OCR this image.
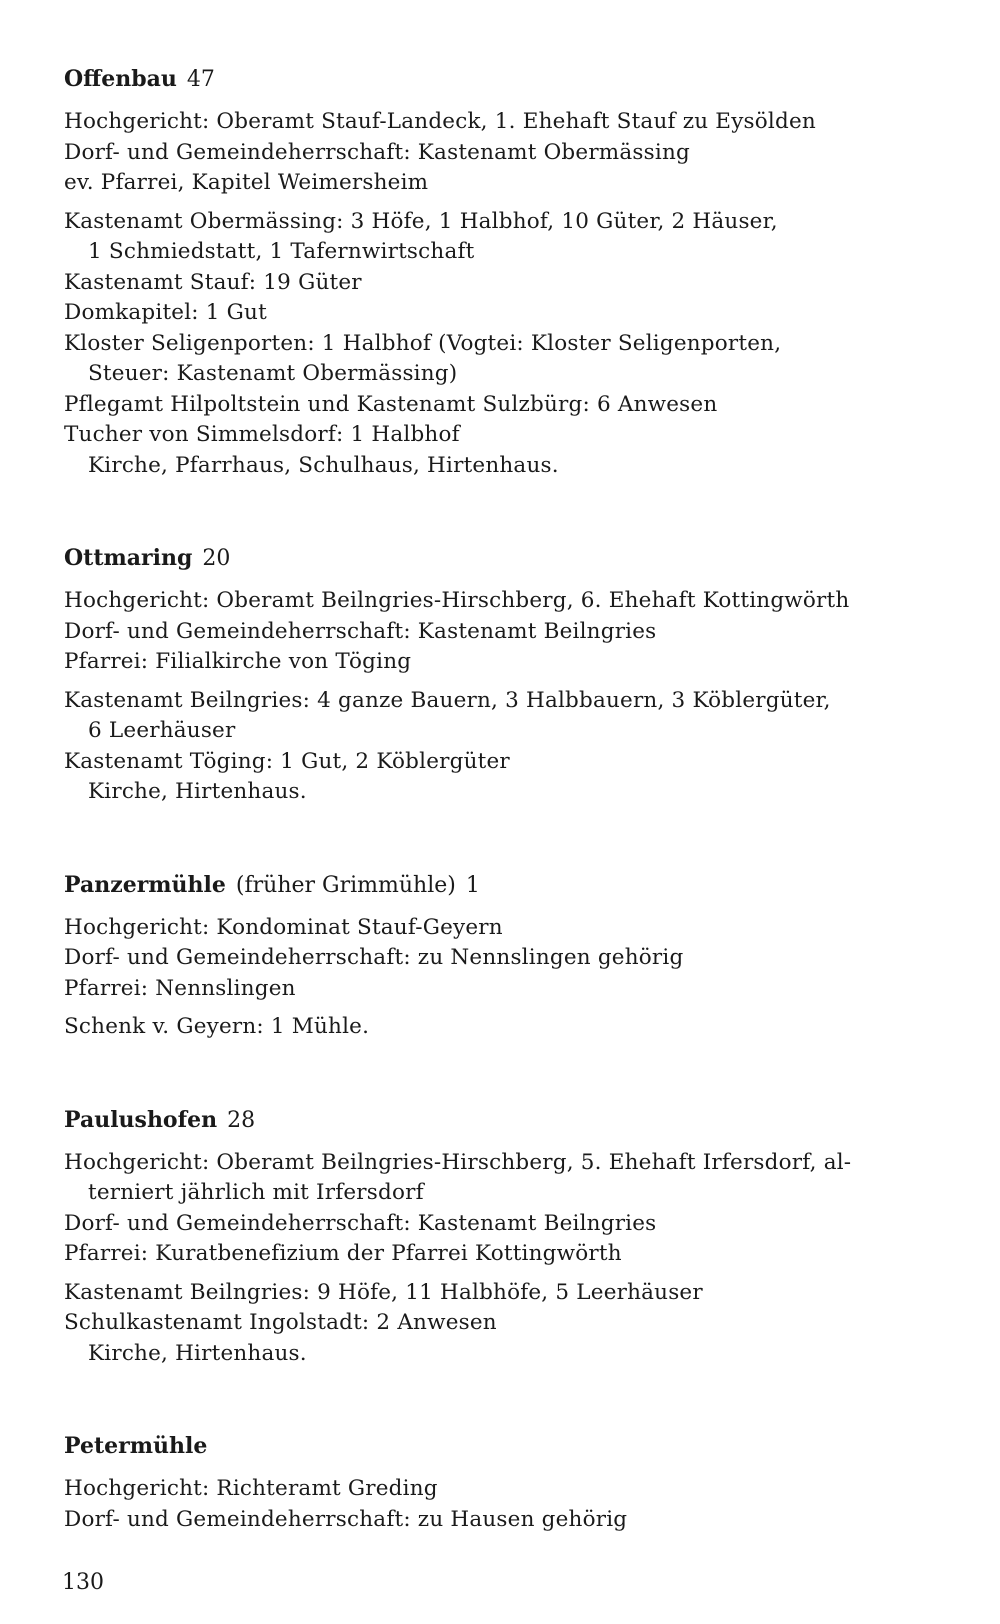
Offenbau 47
Hochgericht: Oberamt Stauf-Landeck, 1. Ehehaft Stauf zu Eysölden
Dorf- und Gemeindeherrschaft: Kastenamt Obermässing
ev. Pfarrei, Kapitel Weimersheim
Kastenamt Obermässing: 3 Höfe, 1 Halbhof, 10 Güter, 2 Häuser,
1 Schmiedstatt, 1 Tafernwirtschaft
Kastenamt Stauf: 19 Güter
Domkapitel: 1 Gut
Kloster Seligenporten: 1 Halbhof (Vogtei: Kloster Seligenporten,
Steuer: Kastenamt Obermässing)
Pflegamt Hilpoltstein und Kastenamt Sulzbürg: 6 Anwesen
Tucher von Simmelsdorf: 1 Halbhof
Kirche, Pfarrhaus, Schulhaus, Hirtenhaus.
Ottmaring 20
Hochgericht: Oberamt Beilngries-Hirschberg, 6. Ehehaft Kottingwörth
Dorf- und Gemeindeherrschaft: Kastenamt Beilngries
Pfarrei: Filialkirche von Töging
Kastenamt Beilngries: 4 ganze Bauern, 3 Halbbauern, 3 Köblergüter,
6 Leerhäuser
Kastenamt Töging: 1 Gut, 2 Köblergüter
Kirche, Hirtenhaus.
Panzermühle (früher Grimmühle) 1
Hochgericht: Kondominat Stauf-Geyern
Dorf- und Gemeindeherrschaft: zu Nennslingen gehörig
Pfarrei: Nennslingen
Schenk v. Geyern: 1 Mühle.
Paulushofen 28
Hochgericht: Oberamt Beilngries-Hirschberg, 5. Ehehaft Irfersdorf, al-
terniert jährlich mit Irfersdorf
Dorf- und Gemeindeherrschaft: Kastenamt Beilngries
Pfarrei: Kuratbenefizium der Pfarrei Kottingwörth
Kastenamt Beilngries: 9 Höfe, 11 Halbhöfe, 5 Leerhäuser
Schulkastenamt Ingolstadt: 2 Anwesen
Kirche, Hirtenhaus.
Petermühle
Hochgericht: Richteramt Greding
Dorf- und Gemeindeherrschaft: zu Hausen gehörig
130
